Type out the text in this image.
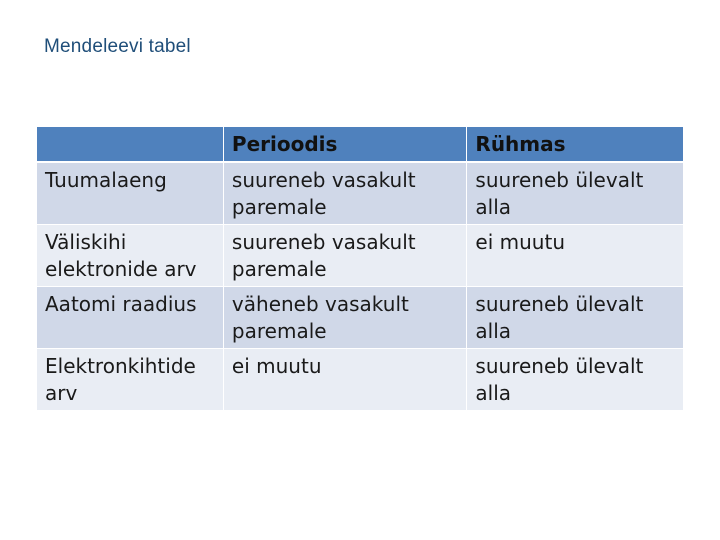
Mendeleevi tabel
	Perioodis	Rühmas
Tuumalaeng	suureneb vasakult paremale	suureneb ülevalt alla
Väliskihi elektronide arv	suureneb vasakult paremale	ei muutu
Aatomi raadius	väheneb vasakult paremale	suureneb ülevalt alla
Elektronkihtide arv	ei muutu	suureneb ülevalt alla
